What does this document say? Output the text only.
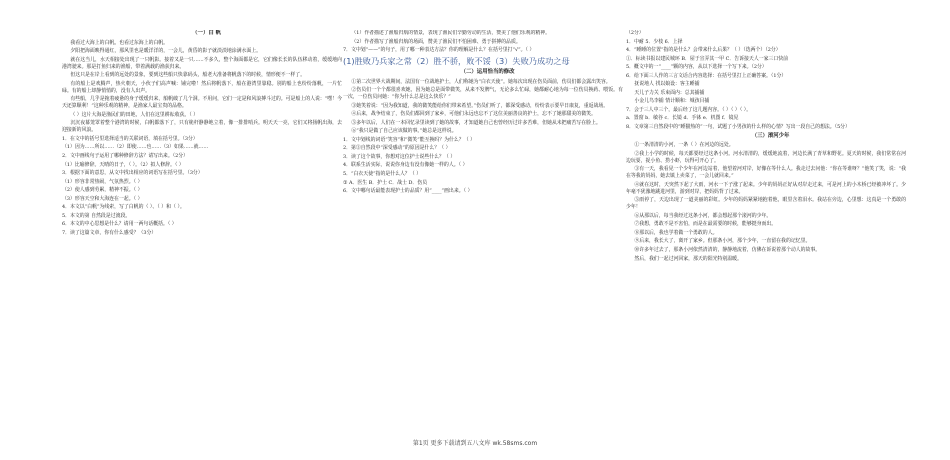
（一）白 帆

我看过大海上的白帆。也看过东海上的白帆。

夕阳把海面映得通红，那风里也是暖洋洋的，一会儿，黄昏的影子就淡淡地涂满水面上。

就在这当儿，水天相接处出现了一只帆影。接着又是一只……不多久，整个海面都是它，它们像长长的队伍移动着，缓缓地向港湾驶来。那是打鱼归来的渔船，带着满载的渔获归来。

但这只是在岸上看到的远处的景象，要到这些船只快靠码头，船老大准备将帆落下的时候，情形便不一样了。

有的船上是欢腾声，热火朝天，小伙子们高声喊：铺完啦！然后将帆落下，船在港湾里靠稳。别的船上也纷纷落帆，一片忙碌。有的船上却静悄悄的，没有人出声。

有些船，几乎是拖着疲惫的身子缓缓归来，船帆破了几个洞。不用问，它们一定是和风浪搏斗过的。可是船上的人说：“嘿！今天还算顺利！”这种乐观的精神，是渔家人最宝贵的品格。

（ ）这片大海是渔民们的田地，人们在这里耕耘收获。（ ）

沉沉夜幕笼罩着整个港湾的时候，白帆都落下了，只有桅杆静静地立着，像一排排哨兵。明天天一亮，它们又将扬帆出海，去迎接新的风浪。

1．在文中的括号里选择适当的关联词语，填在括号里。（3分）

（1）因为……所以……（2）即使……也……（3）如果……就……

2．文中画线句子运用了哪种修辞方法？请写出来。（2分）

（1）比喻修辞。天晴的日子，（ ）。（2）拟人修辞。（ ）

3．根据下面的意思，从文中找出相应的词语写在括号里。（3分）

（1）形容非常热闹，气氛热烈。（ ）

（2）使人感到劳累，精神不振。（ ）

（3）形容天空和大海连在一起。（ ）

4．本文以“白帆”为线索，写了白帆的（ ）、（ ）和（ ）。

5．本文的第 自然段是过渡段。

6．本文的中心思想是什么？请用一两句话概括。（ ）

7．读了这篇文章，你有什么感受？（3分）

（1）作者描述了渔船归航的情景，表现了渔民们辛勤劳动的生活，赞美了他们乐观的精神。

（2）作者描写了渔船归航的场面，赞美了渔民们不怕困难、勇于拼搏的品质。

7．文中划“——”的句子，用了哪一种表达方法？你的理解是什么？在括号里打“√”。（ ）

(1)胜败乃兵家之常（2）胜不骄，败不馁（3）失败乃成功之母

（二）运用恰当的修改

①第二次世界大战期间，法国有一位战地护士，人们称她为“白衣天使”。她每次出现在伤员面前，伤员们都会露出笑容。

②伤员们一个个都很喜欢她，因为她总是面带微笑，从来不发脾气，无论多么忙碌，她都耐心地为每一位伤员换药、喂饭。有一次，一位伤员问她：“你为什么总是这么快乐？”

③她笑着说：“因为我知道，我的微笑能给你们带来希望。”伤员们听了，都深受感动，纷纷表示要早日康复，重返战场。

④后来，战争结束了，伤员们都回到了家乡，可他们永远也忘不了这位美丽善良的护士，忘不了她那甜美的微笑。

⑤多年以后，人们在一本回忆录里读到了她的故事，才知道她自己也曾经历过许多苦难，但她从未把痛苦写在脸上。

⑥“我只是做了自己应该做的事。”她总是这样说。

1．文中划线的词语“笑容”和“微笑”能互换吗？为什么？（ ）

2．第③自然段中“深受感动”的原因是什么？（ ）

3．读了这个故事，你想对这位护士说些什么？（ ）

4．联系生活实际，说说你身边有没有像她一样的人。（ ）

5．“白衣天使”指的是什么人？（ ）

① A．医生 B．护士 C．战士 D．伤员

6．文中哪句话最能表现护士的品质？用“____”画出来。（ ）

（2分）

1．中耐 5．少枝 6．上择

4．“睡睡的位置”指的是什么？会带来什么后果？（ ）（选两个）（2分）

①．标读书报以建民城环 B．屋于宣弄其一甲 C．告诉接天人一家三口快前

5．概文中的一“____”颗的内容，从以下选择一个写下来。（2分）

6．给下面三人作的三言文话合内容选择：在括号里打上正确答案。（1分）

抚说地人 找以娘设：客主睡捕

天儿子力关 乐束面内：总其捕捕

小金儿鸟李捕 情计顺和：城孩目捕

7．会于三人中三个，最后经了这几题内容。（ ）（ ）（ ）。

a．置窗 b．敏谷 c．长镜 d．手钵 e．机图 f．镜见

8．文章第三自然段中的“睡猫热的”一句，试题了小男孩的什么样的心情？写出一段自己的想法。（5分）

（三）滚河少年

①一条清清的小河，一条（ ）在河边的远处。

②我上小学的时候，每天都要经过这条小河。河水清清的，缓缓地流着，河边长满了青草和野花。夏天的时候，我们常常在河边玩耍，捉小鱼、捞小虾，玩得可开心了。

③有一天，我看见一个少年在河边站着，他望着河对岸，好像在等什么人。我走过去问他：“你在等谁呀？”他笑了笑，说：“我在等我的妈妈，她去镇上卖菜了，一会儿就回来。”

④就在这时，天突然下起了大雨，河水一下子涨了起来。少年的妈妈正好从对岸走过来，可是河上的小木桥已经被冲坏了。少年毫不犹豫地跳进河里，游到对岸，把妈妈背了过来。

⑤雨停了，天边出现了一道美丽的彩虹。少年的妈妈紧紧地抱着他，眼里含着泪水。我站在旁边，心里想：这真是一个勇敢的少年！

⑥从那以后，每当我经过这条小河，都会想起那个滚河的少年。

⑦我想，勇敢不是不害怕，而是在最需要的时候，能够挺身而出。

⑧那以后，我也学着做一个勇敢的人。

⑨后来，我长大了，离开了家乡。但那条小河，那个少年，一直留在我的记忆里。

⑩许多年过去了，那条小河依然清清的，静静地流着，仿佛在诉说着那个动人的故事。

然后，我们一起过河回家，那天的阳光特别温暖。

第1页 更多下载请到五八文库 wk.58sms.com
